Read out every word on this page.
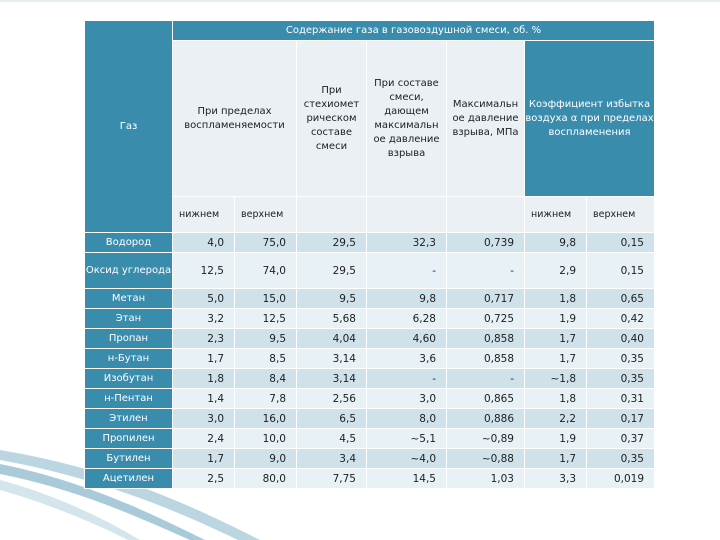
Газ	Содержание газа в газовоздушной смеси, об. %						
	При пределах воспламеняемости		При стехиомет рическом составе смеси	При составе смеси, дающем максимальн ое давление взрыва	Максимальн ое давление взрыва, МПа	Коэффициент избытка воздуха α при пределах воспламенения	
	нижнем	верхнем				нижнем	верхнем
Водород	4,0	75,0	29,5	32,3	0,739	9,8	0,15
Оксид углерода	12,5	74,0	29,5	-	-	2,9	0,15
Метан	5,0	15,0	9,5	9,8	0,717	1,8	0,65
Этан	3,2	12,5	5,68	6,28	0,725	1,9	0,42
Пропан	2,3	9,5	4,04	4,60	0,858	1,7	0,40
н-Бутан	1,7	8,5	3,14	3,6	0,858	1,7	0,35
Изобутан	1,8	8,4	3,14	-	-	~1,8	0,35
н-Пентан	1,4	7,8	2,56	3,0	0,865	1,8	0,31
Этилен	3,0	16,0	6,5	8,0	0,886	2,2	0,17
Пропилен	2,4	10,0	4,5	~5,1	~0,89	1,9	0,37
Бутилен	1,7	9,0	3,4	~4,0	~0,88	1,7	0,35
Ацетилен	2,5	80,0	7,75	14,5	1,03	3,3	0,019
